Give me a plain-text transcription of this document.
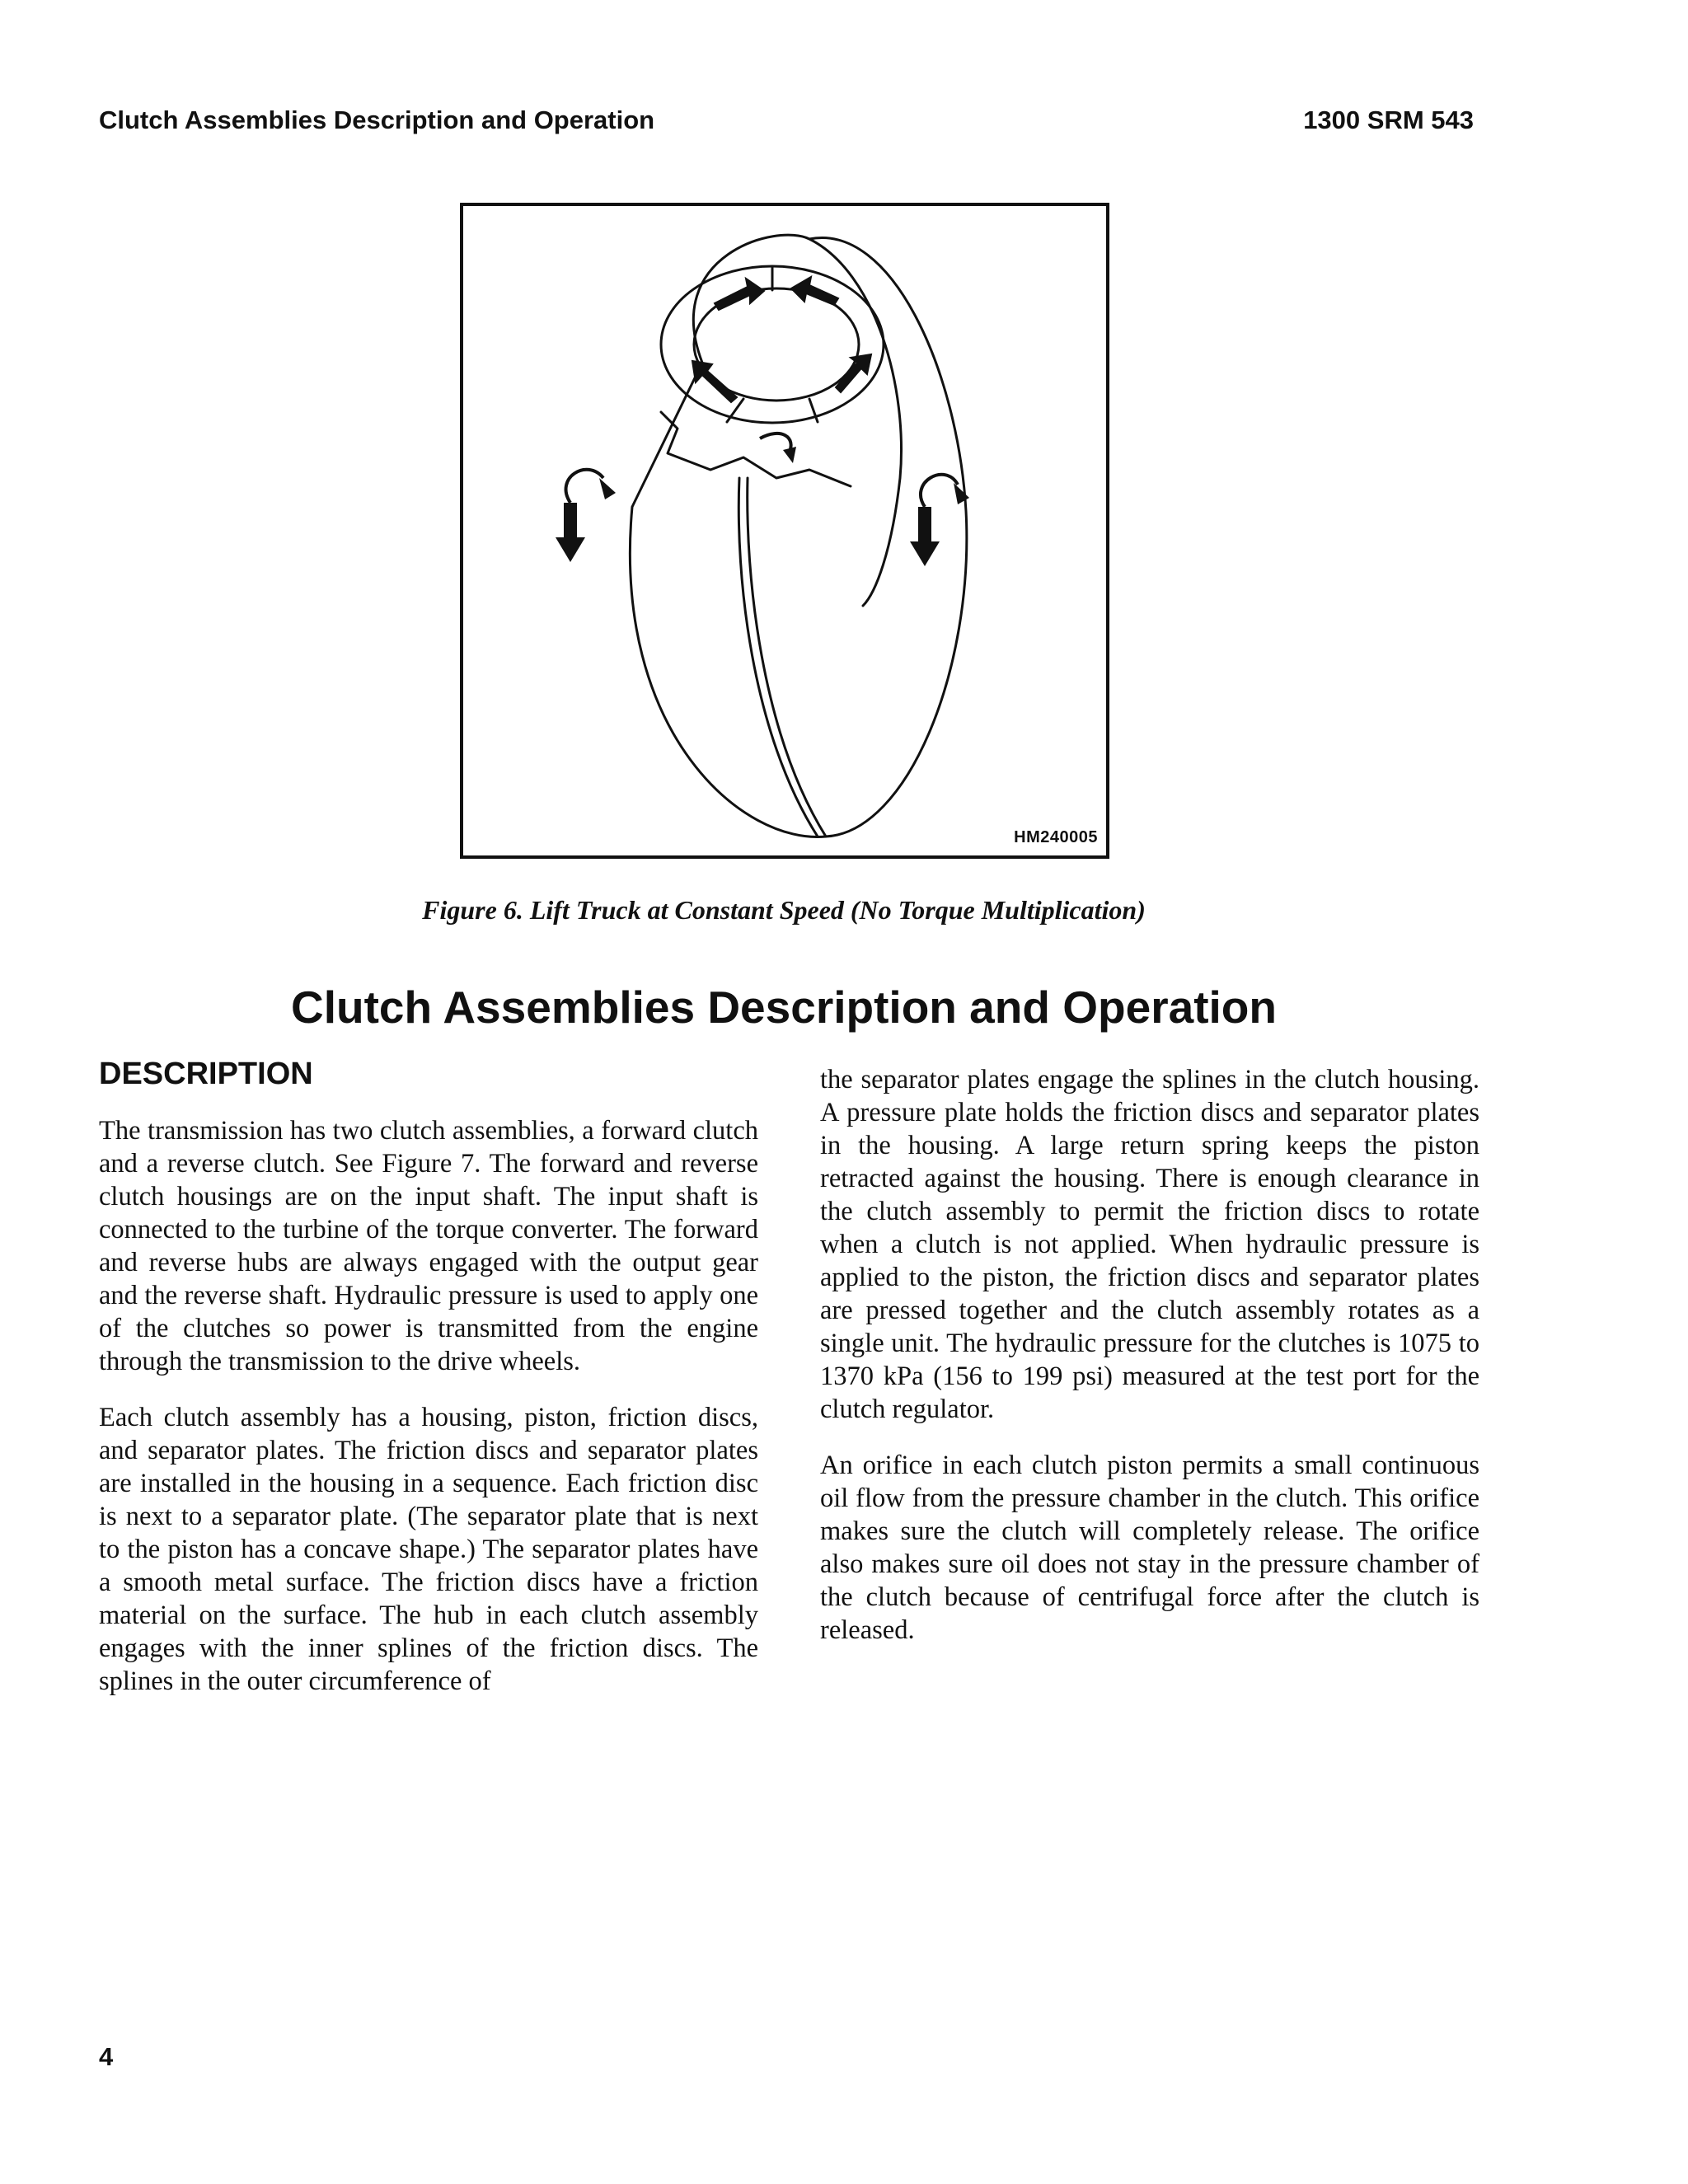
Clutch Assemblies Description and Operation	1300 SRM 543
HM240005
Figure 6. Lift Truck at Constant Speed (No Torque Multiplication)
Clutch Assemblies Description and Operation
DESCRIPTION

The transmission has two clutch assemblies, a forward clutch and a reverse clutch. See Figure 7. The forward and reverse clutch housings are on the input shaft. The input shaft is connected to the turbine of the torque converter. The forward and reverse hubs are always engaged with the output gear and the reverse shaft. Hydraulic pressure is used to apply one of the clutches so power is transmitted from the engine through the transmission to the drive wheels.

Each clutch assembly has a housing, piston, friction discs, and separator plates. The friction discs and separator plates are installed in the housing in a sequence. Each friction disc is next to a separator plate. (The separator plate that is next to the piston has a concave shape.) The separator plates have a smooth metal surface. The friction discs have a friction material on the surface. The hub in each clutch assembly engages with the inner splines of the friction discs. The splines in the outer circumference of

the separator plates engage the splines in the clutch housing. A pressure plate holds the friction discs and separator plates in the housing. A large return spring keeps the piston retracted against the housing. There is enough clearance in the clutch assembly to permit the friction discs to rotate when a clutch is not applied. When hydraulic pressure is applied to the piston, the friction discs and separator plates are pressed together and the clutch assembly rotates as a single unit. The hydraulic pressure for the clutches is 1075 to 1370 kPa (156 to 199 psi) measured at the test port for the clutch regulator.

An orifice in each clutch piston permits a small continuous oil flow from the pressure chamber in the clutch. This orifice makes sure the clutch will completely release. The orifice also makes sure oil does not stay in the pressure chamber of the clutch because of centrifugal force after the clutch is released.

4
